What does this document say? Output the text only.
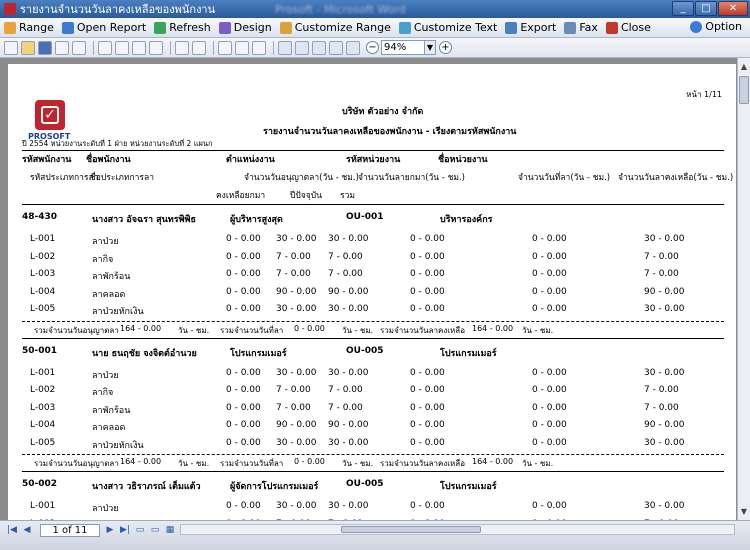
รายงานจำนวนวันลาคงเหลือของพนักงาน	Prosoft - Microsoft Word	_	□	✕
Range Open Report Refresh Design Customize Range Customize Text Export Fax Close	Option
− 94%	▼ +
หน้า 1/11
✓
PROSOFT
บริษัท ตัวอย่าง จำกัด
รายงานจำนวนวันลาคงเหลือของพนักงาน - เรียงตามรหัสพนักงาน
ปี 2554 หน่วยงานระดับที่ 1 ฝ่าย หน่วยงานระดับที่ 2 แผนก
รหัสพนักงาน ชื่อพนักงาน	ตำแหน่งงาน	รหัสหน่วยงาน	ชื่อหน่วยงาน
รหัสประเภทการลา
ชื่อประเภทการลา	จำนวนวันอนุญาตลา(วัน - ชม.) จำนวนวันลายกมา(วัน - ชม.)	จำนวนวันที่ลา(วัน - ชม.) จำนวนวันลาคงเหลือ(วัน - ชม.)
คงเหลือยกมา	ปีปัจจุบัน รวม
48-430	นางสาว อัจฉรา สุนทรพิพิธ	ผู้บริหารสูงสุด	OU-001	บริหารองค์กร
L-001	ลาป่วย	0 - 0.00 30 - 0.00 30 - 0.00	0 - 0.00	0 - 0.00	30 - 0.00
L-002	ลากิจ	0 - 0.00 7 - 0.00 7 - 0.00	0 - 0.00	0 - 0.00	7 - 0.00
L-003	ลาพักร้อน	0 - 0.00 7 - 0.00 7 - 0.00	0 - 0.00	0 - 0.00	7 - 0.00
L-004	ลาคลอด	0 - 0.00 90 - 0.00 90 - 0.00	0 - 0.00	0 - 0.00	90 - 0.00
L-005	ลาป่วยหักเงิน	0 - 0.00 30 - 0.00 30 - 0.00	0 - 0.00	0 - 0.00	30 - 0.00
รวมจำนวนวันอนุญาตลา 164 - 0.00 วัน - ชม. รวมจำนวนวันที่ลา 0 - 0.00 วัน - ชม. รวมจำนวนวันลาคงเหลือ 164 - 0.00 วัน - ชม.
50-001	นาย ธนฤชัย จงจิตต์อำนวย	โปรแกรมเมอร์	OU-005	โปรแกรมเมอร์
L-001	ลาป่วย	0 - 0.00 30 - 0.00 30 - 0.00	0 - 0.00	0 - 0.00	30 - 0.00
L-002	ลากิจ	0 - 0.00 7 - 0.00 7 - 0.00	0 - 0.00	0 - 0.00	7 - 0.00
L-003	ลาพักร้อน	0 - 0.00 7 - 0.00 7 - 0.00	0 - 0.00	0 - 0.00	7 - 0.00
L-004	ลาคลอด	0 - 0.00 90 - 0.00 90 - 0.00	0 - 0.00	0 - 0.00	90 - 0.00
L-005	ลาป่วยหักเงิน	0 - 0.00 30 - 0.00 30 - 0.00	0 - 0.00	0 - 0.00	30 - 0.00
รวมจำนวนวันอนุญาตลา 164 - 0.00 วัน - ชม. รวมจำนวนวันที่ลา 0 - 0.00 วัน - ชม. รวมจำนวนวันลาคงเหลือ 164 - 0.00 วัน - ชม.
50-002	นางสาว วธิราภรณ์ เต็มแต้ว	ผู้จัดการโปรแกรมเมอร์	OU-005	โปรแกรมเมอร์
L-001	ลาป่วย	0 - 0.00 30 - 0.00 30 - 0.00	0 - 0.00	0 - 0.00	30 - 0.00
▲
▼
|◀ ◀	1 of 11	▶ ▶| ▭ ▭ ▦
